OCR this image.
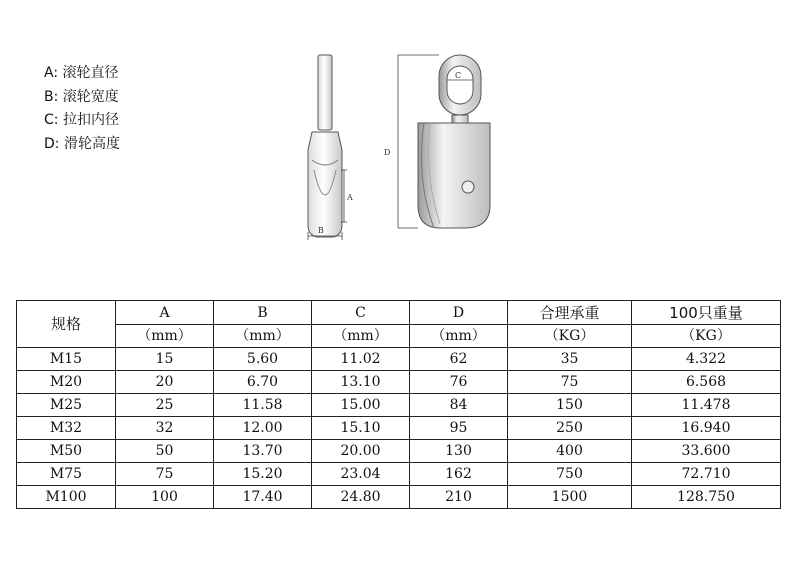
A: 滚轮直径
B: 滚轮宽度
C: 拉扣内径
D: 滑轮高度
A
B
C
D
规格	A	B	C	D	合理承重	100只重量
	（mm）	（mm）	（mm）	（mm）	（KG）	（KG）
M15	15	5.60	11.02	62	35	4.322
M20	20	6.70	13.10	76	75	6.568
M25	25	11.58	15.00	84	150	11.478
M32	32	12.00	15.10	95	250	16.940
M50	50	13.70	20.00	130	400	33.600
M75	75	15.20	23.04	162	750	72.710
M100	100	17.40	24.80	210	1500	128.750
